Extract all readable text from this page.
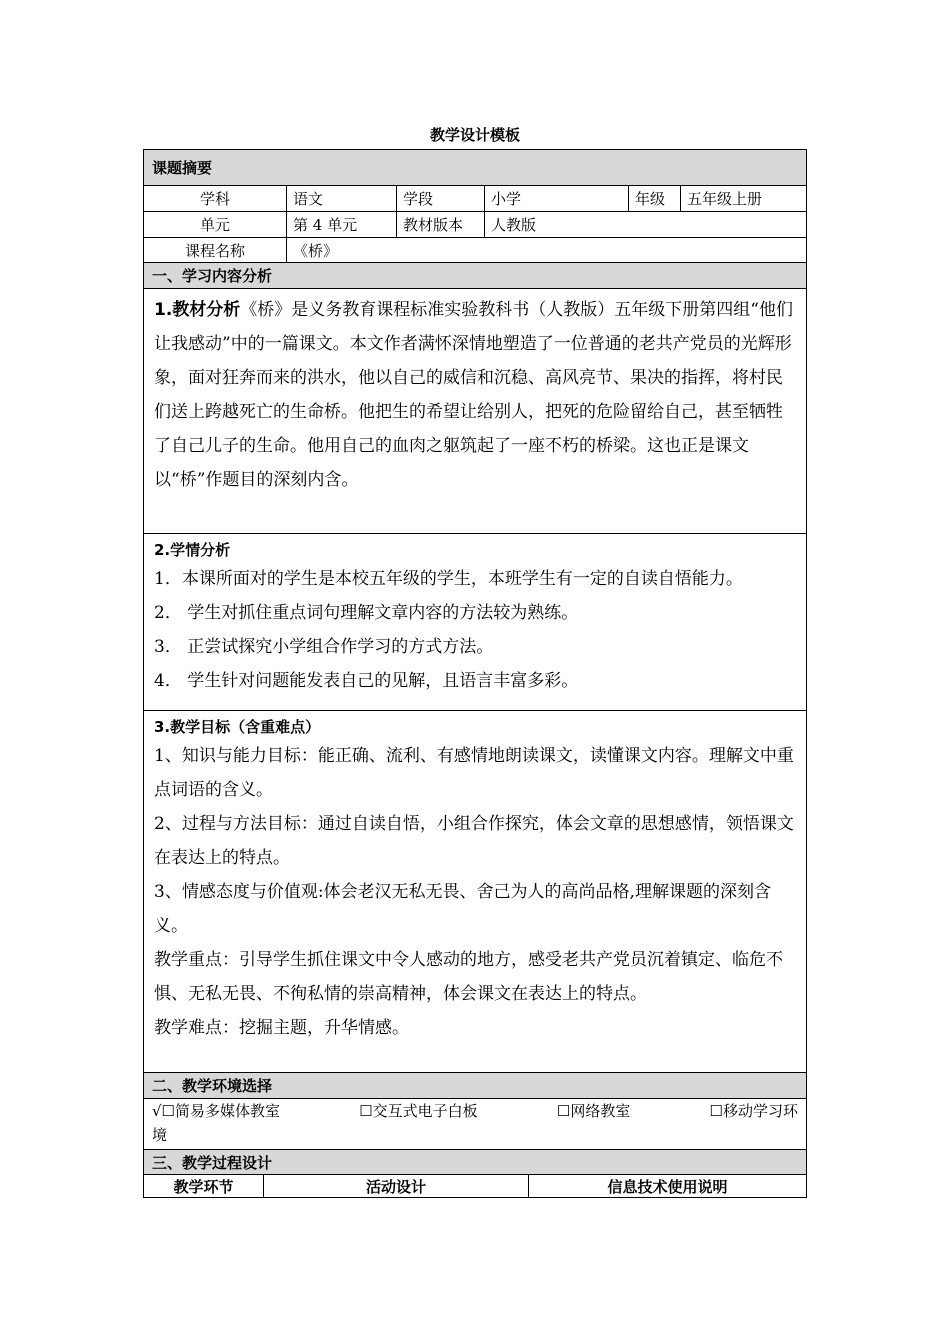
教学设计模板
课题摘要
学科	语文	学段	小学	年级	五年级上册
单元	第 4 单元	教材版本	人教版
课程名称	《桥》
一、学习内容分析

1.教材分析《桥》是义务教育课程标准实验教科书（人教版）五年级下册第四组“他们让我感动”中的一篇课文。本文作者满怀深情地塑造了一位普通的老共产党员的光辉形象，面对狂奔而来的洪水，他以自己的威信和沉稳、高风亮节、果决的指挥，将村民们送上跨越死亡的生命桥。他把生的希望让给别人，把死的危险留给自己，甚至牺牲了自己儿子的生命。他用自己的血肉之躯筑起了一座不朽的桥梁。这也正是课文以“桥”作题目的深刻内含。

2.学情分析

1．本课所面对的学生是本校五年级的学生，本班学生有一定的自读自悟能力。

2． 学生对抓住重点词句理解文章内容的方法较为熟练。

3． 正尝试探究小学组合作学习的方式方法。

4． 学生针对问题能发表自己的见解，且语言丰富多彩。

3.教学目标（含重难点）

1、知识与能力目标：能正确、流利、有感情地朗读课文，读懂课文内容。理解文中重点词语的含义。

2、过程与方法目标：通过自读自悟，小组合作探究，体会文章的思想感情，领悟课文在表达上的特点。

3、情感态度与价值观:体会老汉无私无畏、舍己为人的高尚品格,理解课题的深刻含义。

教学重点：引导学生抓住课文中令人感动的地方，感受老共产党员沉着镇定、临危不惧、无私无畏、不徇私情的崇高精神，体会课文在表达上的特点。

教学难点：挖掘主题，升华情感。

二、教学环境选择
√☐简易多媒体教室	☐交互式电子白板	☐网络教室	☐移动学习环
境
三、教学过程设计
教学环节	活动设计	信息技术使用说明
